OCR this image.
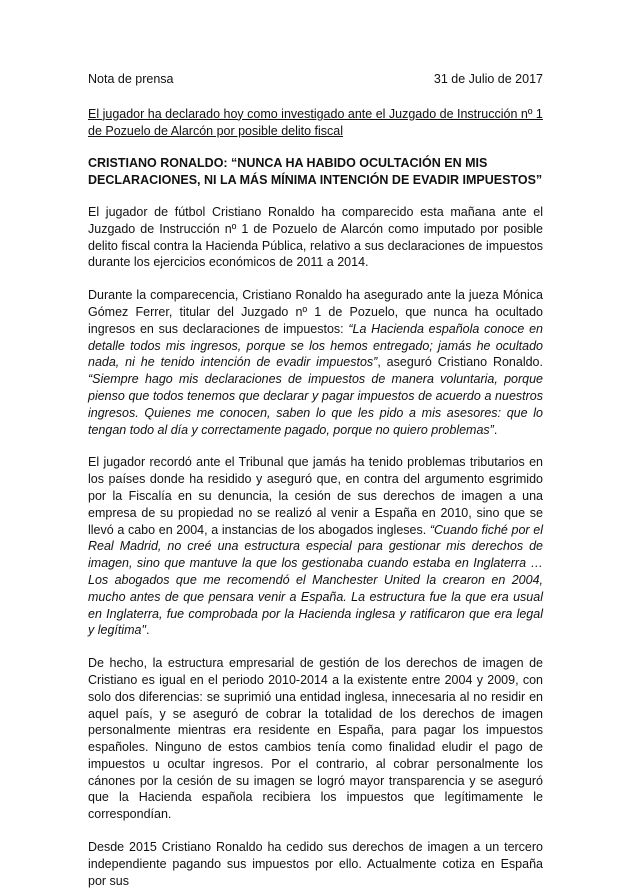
Nota de prensa	31 de Julio de 2017
El jugador ha declarado hoy como investigado ante el Juzgado de Instrucción nº 1 de Pozuelo de Alarcón por posible delito fiscal
CRISTIANO RONALDO: “NUNCA HA HABIDO OCULTACIÓN EN MIS DECLARACIONES, NI LA MÁS MÍNIMA INTENCIÓN DE EVADIR IMPUESTOS”

El jugador de fútbol Cristiano Ronaldo ha comparecido esta mañana ante el Juzgado de Instrucción nº 1 de Pozuelo de Alarcón como imputado por posible delito fiscal contra la Hacienda Pública, relativo a sus declaraciones de impuestos durante los ejercicios económicos de 2011 a 2014.

Durante la comparecencia, Cristiano Ronaldo ha asegurado ante la jueza Mónica Gómez Ferrer, titular del Juzgado nº 1 de Pozuelo, que nunca ha ocultado ingresos en sus declaraciones de impuestos: “La Hacienda española conoce en detalle todos mis ingresos, porque se los hemos entregado; jamás he ocultado nada, ni he tenido intención de evadir impuestos”, aseguró Cristiano Ronaldo. “Siempre hago mis declaraciones de impuestos de manera voluntaria, porque pienso que todos tenemos que declarar y pagar impuestos de acuerdo a nuestros ingresos. Quienes me conocen, saben lo que les pido a mis asesores: que lo tengan todo al día y correctamente pagado, porque no quiero problemas”.

El jugador recordó ante el Tribunal que jamás ha tenido problemas tributarios en los países donde ha residido y aseguró que, en contra del argumento esgrimido por la Fiscalía en su denuncia, la cesión de sus derechos de imagen a una empresa de su propiedad no se realizó al venir a España en 2010, sino que se llevó a cabo en 2004, a instancias de los abogados ingleses. “Cuando fiché por el Real Madrid, no creé una estructura especial para gestionar mis derechos de imagen, sino que mantuve la que los gestionaba cuando estaba en Inglaterra … Los abogados que me recomendó el Manchester United la crearon en 2004, mucho antes de que pensara venir a España. La estructura fue la que era usual en Inglaterra, fue comprobada por la Hacienda inglesa y ratificaron que era legal y legítima".

De hecho, la estructura empresarial de gestión de los derechos de imagen de Cristiano es igual en el periodo 2010-2014 a la existente entre 2004 y 2009, con solo dos diferencias: se suprimió una entidad inglesa, innecesaria al no residir en aquel país, y se aseguró de cobrar la totalidad de los derechos de imagen personalmente mientras era residente en España, para pagar los impuestos españoles. Ninguno de estos cambios tenía como finalidad eludir el pago de impuestos u ocultar ingresos. Por el contrario, al cobrar personalmente los cánones por la cesión de su imagen se logró mayor transparencia y se aseguró que la Hacienda española recibiera los impuestos que legítimamente le correspondían.

Desde 2015 Cristiano Ronaldo ha cedido sus derechos de imagen a un tercero independiente pagando sus impuestos por ello. Actualmente cotiza en España por sus
